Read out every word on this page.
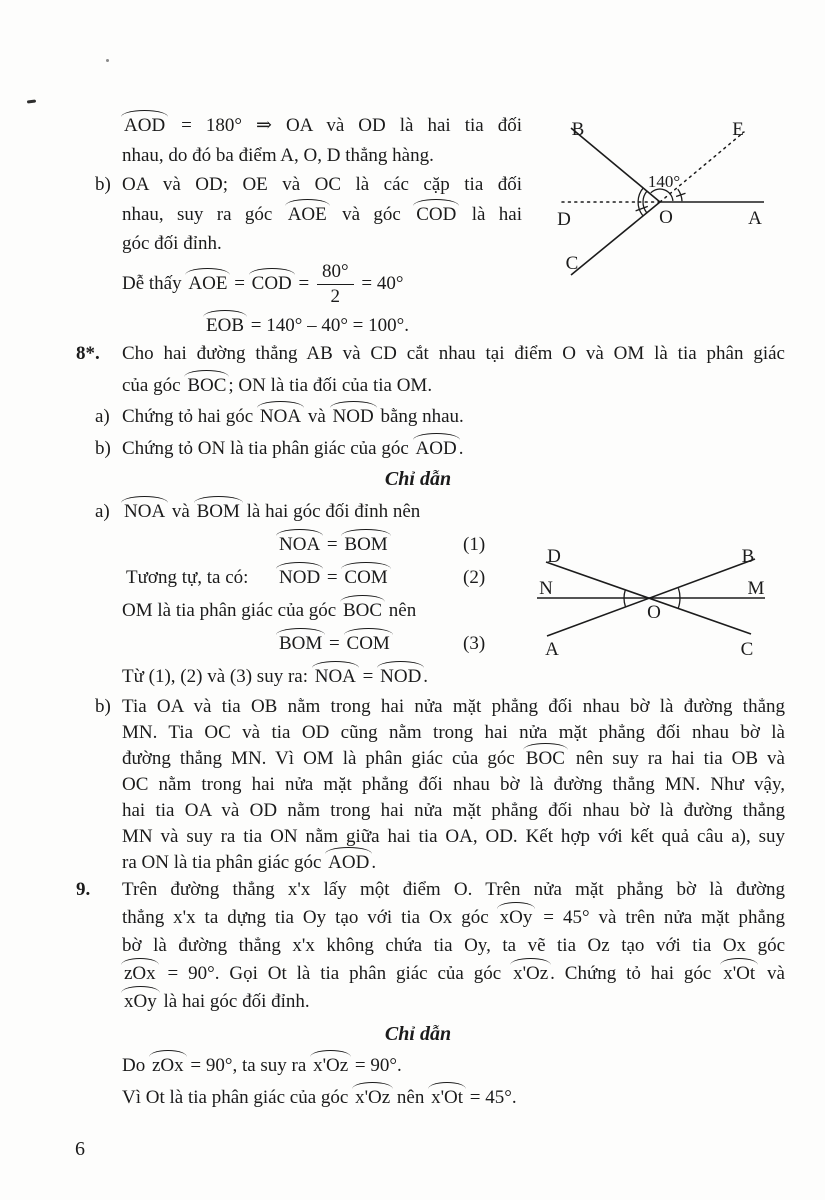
AOD = 180° ⇒ OA và OD là hai tia đối
nhau, do đó ba điểm A, O, D thẳng hàng.
b) OA và OD; OE và OC là các cặp tia đối
nhau, suy ra góc AOE và góc COD là hai
góc đối đỉnh.
Dễ thấy AOE = COD = $\frac{80^\circ}{2} = 40^\circ$
EOB = 140° – 40° = 100°.
B	E
D	O	A
C
140°
8*. Cho hai đường thẳng AB và CD cắt nhau tại điểm O và OM là tia phân giác
của góc BOC ; ON là tia đối của tia OM.
a) Chứng tỏ hai góc NOA và NOD bằng nhau.
b) Chứng tỏ ON là tia phân giác của góc AOD .
Chỉ dẫn
a) NOA và BOM là hai góc đối đỉnh nên
NOA = BOM	(1)
Tương tự, ta có: NOD = COM	(2)
OM là tia phân giác của góc BOC nên
BOM = COM	(3)
Từ (1), (2) và (3) suy ra: NOA = NOD .
D	B
N	M
O
A	C
b) Tia OA và tia OB nằm trong hai nửa mặt phẳng đối nhau bờ là đường thẳng
MN. Tia OC và tia OD cũng nằm trong hai nửa mặt phẳng đối nhau bờ là
đường thẳng MN. Vì OM là phân giác của góc BOC nên suy ra hai tia OB và
OC nằm trong hai nửa mặt phẳng đối nhau bờ là đường thẳng MN. Như vậy,
hai tia OA và OD nằm trong hai nửa mặt phẳng đối nhau bờ là đường thẳng
MN và suy ra tia ON nằm giữa hai tia OA, OD. Kết hợp với kết quả câu a), suy
ra ON là tia phân giác góc AOD .
9. Trên đường thẳng x'x lấy một điểm O. Trên nửa mặt phẳng bờ là đường
thẳng x'x ta dựng tia Oy tạo với tia Ox góc xOy = 45° và trên nửa mặt phẳng
bờ là đường thẳng x'x không chứa tia Oy, ta vẽ tia Oz tạo với tia Ox góc
zOx = 90°. Gọi Ot là tia phân giác của góc x'Oz . Chứng tỏ hai góc x'Ot và
xOy là hai góc đối đỉnh.
Chỉ dẫn
Do zOx = 90°, ta suy ra x'Oz = 90°.
Vì Ot là tia phân giác của góc x'Oz nên x'Ot = 45°.
6
